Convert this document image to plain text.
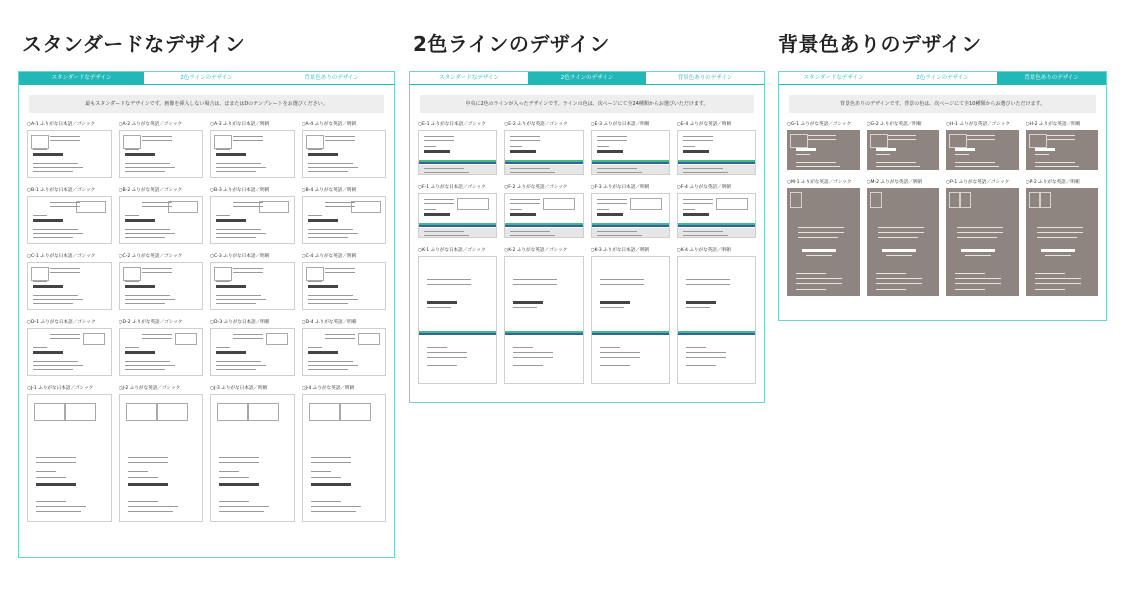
スタンダードなデザイン	2色ラインのデザイン	背景色ありのデザイン
スタンダードなデザイン	2色ラインのデザイン	背景色ありのデザイン
最もスタンダードなデザインです。画像を挿入しない場合は、ほまたはDのテンプレートをお選びください。
○A-1 ふりがな日本語／ゴシック	○A-2 ふりがな英語／ゴシック	○A-3 ふりがな日本語／明朝	○A-4 ふりがな英語／明朝
○B-1 ふりがな日本語／ゴシック	○B-2 ふりがな英語／ゴシック	○B-3 ふりがな日本語／明朝	○B-4 ふりがな英語／明朝
○C-1 ふりがな日本語／ゴシック	○C-2 ふりがな英語／ゴシック	○C-3 ふりがな日本語／明朝	○C-4 ふりがな英語／明朝
○D-1 ふりがな日本語／ゴシック	○D-2 ふりがな英語／ゴシック	○D-3 ふりがな日本語／明朝	○D-4 ふりがな英語／明朝
○J-1 ふりがな日本語／ゴシック	○J-2 ふりがな英語／ゴシック	○J-3 ふりがな日本語／明朝	○J-4 ふりがな英語／明朝
スタンダードなデザイン	2色ラインのデザイン	背景色ありのデザイン
中央に2色のラインが入ったデザインです。ラインの色は、次ページにて全24種類からお選びいただけます。
○E-1 ふりがな日本語／ゴシック	○E-2 ふりがな英語／ゴシック	○E-3 ふりがな日本語／明朝	○E-4 ふりがな英語／明朝
○F-1 ふりがな日本語／ゴシック	○F-2 ふりがな英語／ゴシック	○F-3 ふりがな日本語／明朝	○F-4 ふりがな英語／明朝
○K-1 ふりがな日本語／ゴシック	○K-2 ふりがな英語／ゴシック	○K-3 ふりがな日本語／明朝	○K-4 ふりがな英語／明朝
スタンダードなデザイン	2色ラインのデザイン	背景色ありのデザイン
背景色ありのデザインです。背景の色は、次ページにて全10種類からお選びいただけます。
○G-1 ふりがな英語／ゴシック	○G-2 ふりがな英語／明朝	○H-1 ふりがな英語／ゴシック	○H-2 ふりがな英語／明朝
○M-1 ふりがな英語／ゴシック	○M-2 ふりがな英語／明朝	○P-1 ふりがな英語／ゴシック	○P-2 ふりがな英語／明朝
